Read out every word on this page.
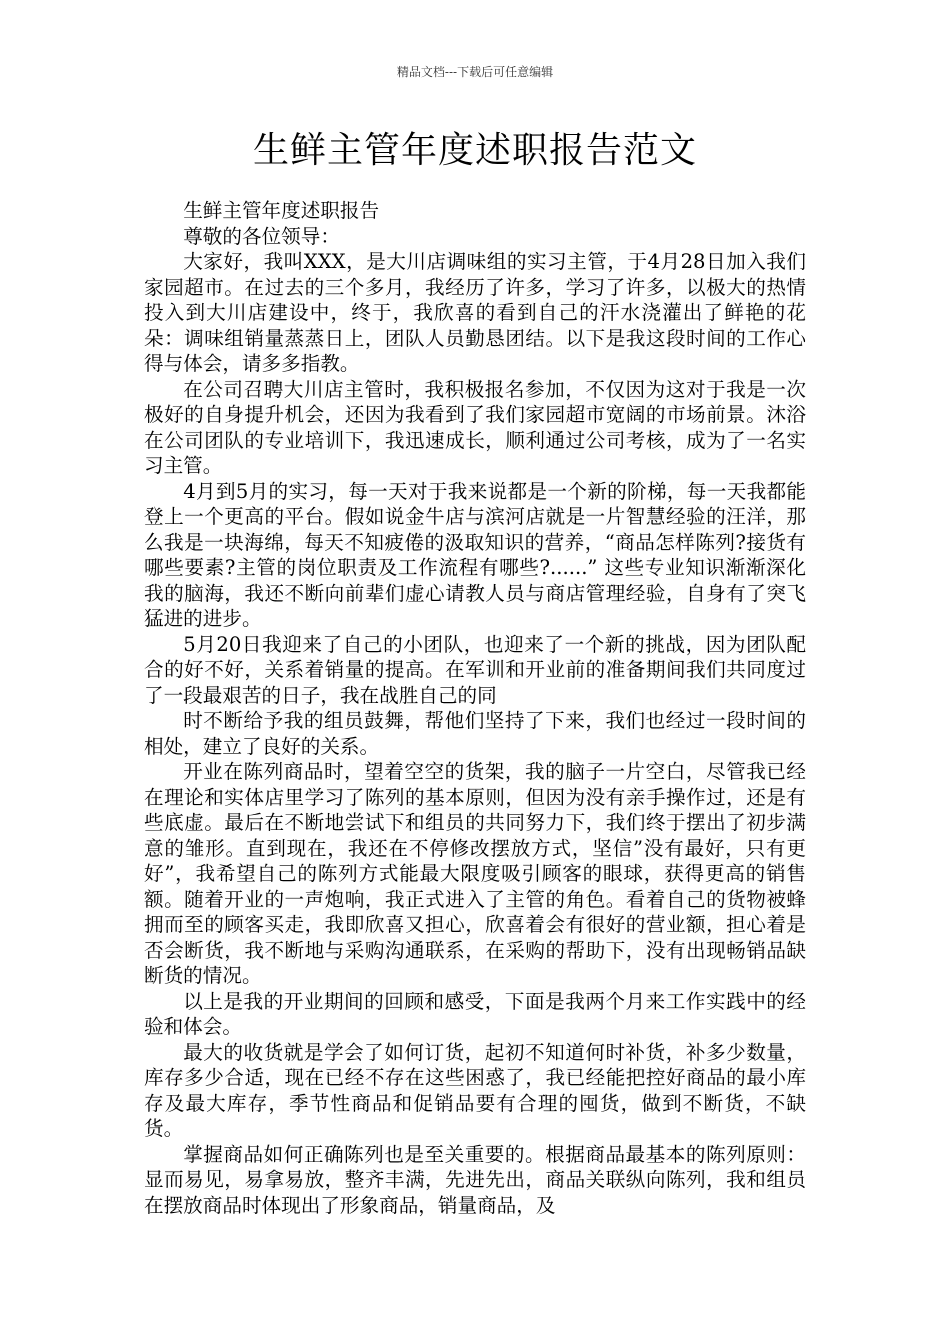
精品文档---下载后可任意编辑
生鲜主管年度述职报告范文

生鲜主管年度述职报告

尊敬的各位领导：

大家好，我叫XXX，是大川店调味组的实习主管，于4月28日加入我们家园超市。在过去的三个多月，我经历了许多，学习了许多，以极大的热情投入到大川店建设中，终于，我欣喜的看到自己的汗水浇灌出了鲜艳的花朵：调味组销量蒸蒸日上，团队人员勤恳团结。以下是我这段时间的工作心得与体会，请多多指教。

在公司召聘大川店主管时，我积极报名参加，不仅因为这对于我是一次极好的自身提升机会，还因为我看到了我们家园超市宽阔的市场前景。沐浴在公司团队的专业培训下，我迅速成长，顺利通过公司考核，成为了一名实习主管。

4月到5月的实习，每一天对于我来说都是一个新的阶梯，每一天我都能登上一个更高的平台。假如说金牛店与滨河店就是一片智慧经验的汪洋，那么我是一块海绵，每天不知疲倦的汲取知识的营养，“商品怎样陈列?接货有哪些要素?主管的岗位职责及工作流程有哪些?......” 这些专业知识渐渐深化我的脑海，我还不断向前辈们虚心请教人员与商店管理经验，自身有了突飞猛进的进步。

5月20日我迎来了自己的小团队，也迎来了一个新的挑战，因为团队配合的好不好，关系着销量的提高。在军训和开业前的准备期间我们共同度过了一段最艰苦的日子，我在战胜自己的同

时不断给予我的组员鼓舞，帮他们坚持了下来，我们也经过一段时间的相处，建立了良好的关系。

开业在陈列商品时，望着空空的货架，我的脑子一片空白，尽管我已经在理论和实体店里学习了陈列的基本原则，但因为没有亲手操作过，还是有些底虚。最后在不断地尝试下和组员的共同努力下，我们终于摆出了初步满意的雏形。直到现在，我还在不停修改摆放方式，坚信”没有最好，只有更好”，我希望自己的陈列方式能最大限度吸引顾客的眼球，获得更高的销售额。随着开业的一声炮响，我正式进入了主管的角色。看着自己的货物被蜂拥而至的顾客买走，我即欣喜又担心，欣喜着会有很好的营业额，担心着是否会断货，我不断地与采购沟通联系，在采购的帮助下，没有出现畅销品缺断货的情况。

以上是我的开业期间的回顾和感受，下面是我两个月来工作实践中的经验和体会。

最大的收货就是学会了如何订货，起初不知道何时补货，补多少数量，库存多少合适，现在已经不存在这些困惑了，我已经能把控好商品的最小库存及最大库存，季节性商品和促销品要有合理的囤货，做到不断货，不缺货。

掌握商品如何正确陈列也是至关重要的。根据商品最基本的陈列原则：显而易见，易拿易放，整齐丰满，先进先出，商品关联纵向陈列，我和组员在摆放商品时体现出了形象商品，销量商品，及
